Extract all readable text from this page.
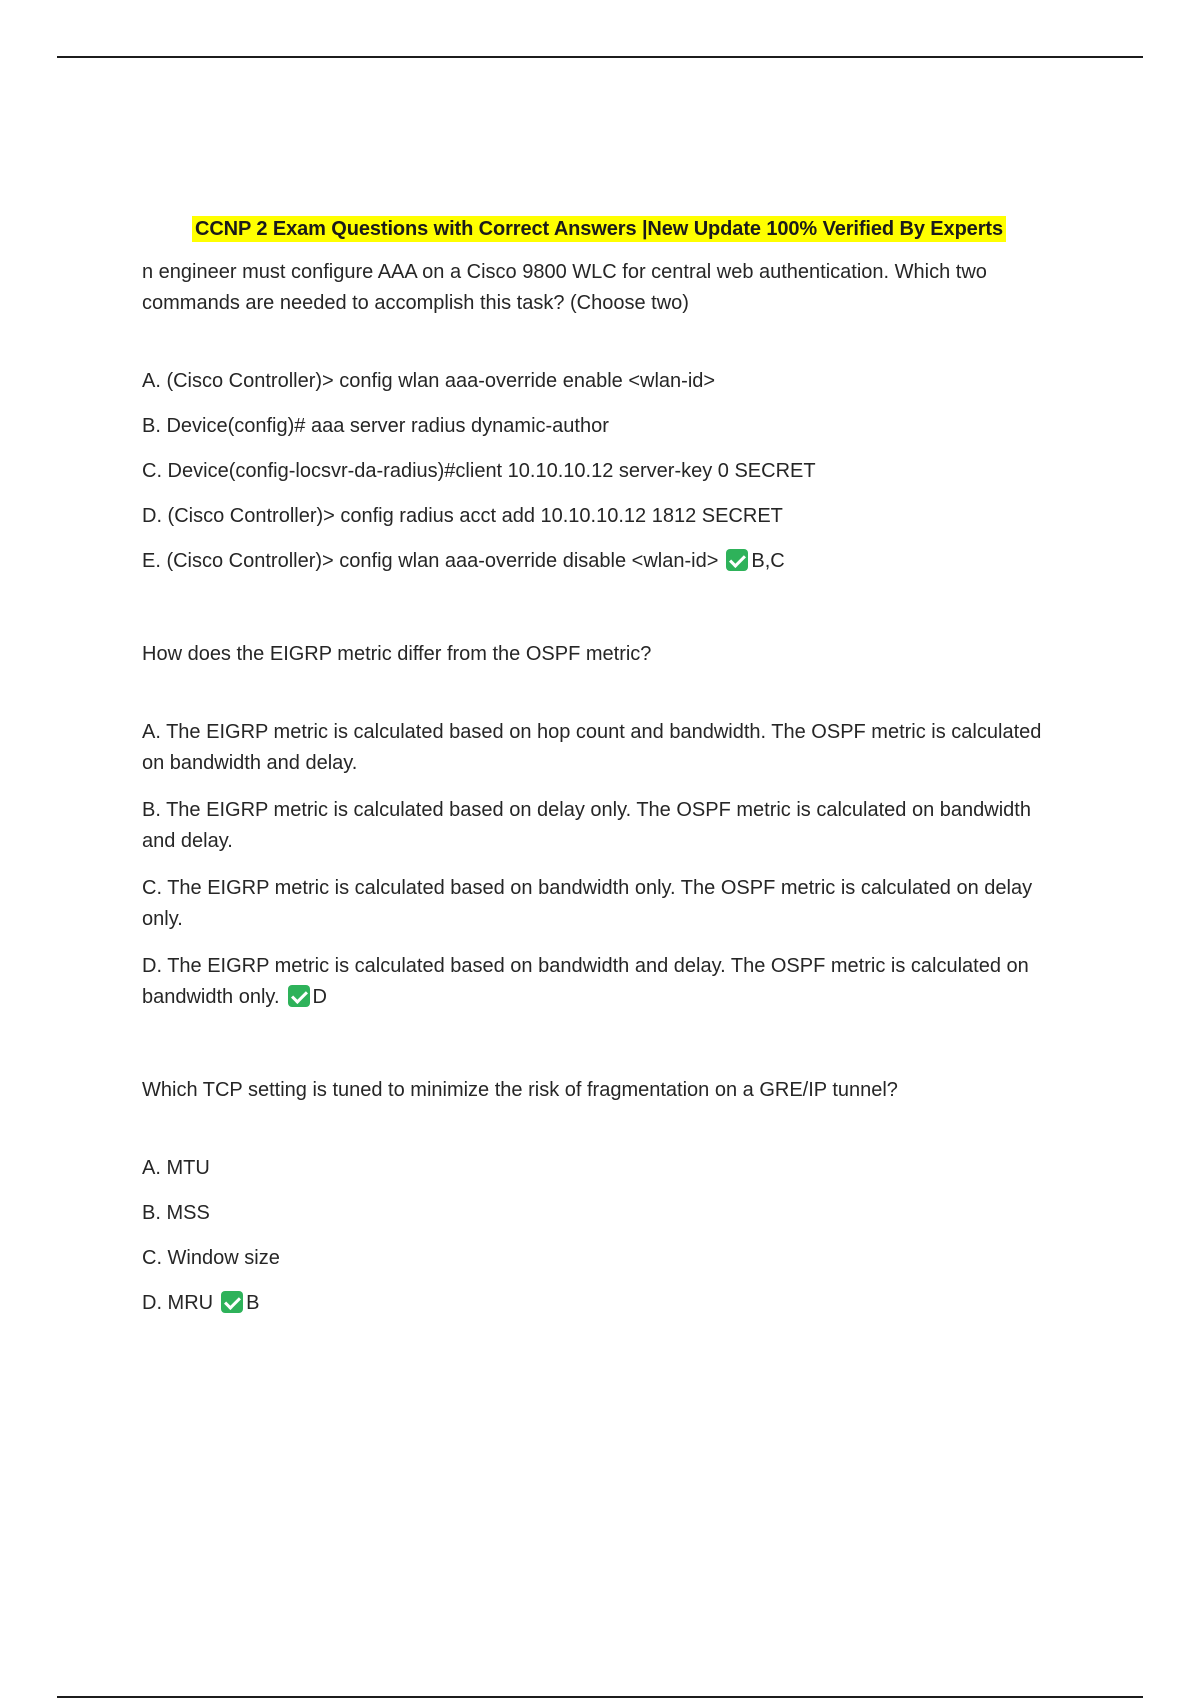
CCNP 2 Exam Questions with Correct Answers |New Update 100% Verified By Experts

n engineer must configure AAA on a Cisco 9800 WLC for central web authentication. Which two commands are needed to accomplish this task? (Choose two)

A. (Cisco Controller)> config wlan aaa-override enable <wlan-id>

B. Device(config)# aaa server radius dynamic-author

C. Device(config-locsvr-da-radius)#client 10.10.10.12 server-key 0 SECRET

D. (Cisco Controller)> config radius acct add 10.10.10.12 1812 SECRET

E. (Cisco Controller)> config wlan aaa-override disable <wlan-id> B,C

How does the EIGRP metric differ from the OSPF metric?

A. The EIGRP metric is calculated based on hop count and bandwidth. The OSPF metric is calculated on bandwidth and delay.

B. The EIGRP metric is calculated based on delay only. The OSPF metric is calculated on bandwidth and delay.

C. The EIGRP metric is calculated based on bandwidth only. The OSPF metric is calculated on delay only.

D. The EIGRP metric is calculated based on bandwidth and delay. The OSPF metric is calculated on bandwidth only. D

Which TCP setting is tuned to minimize the risk of fragmentation on a GRE/IP tunnel?

A. MTU

B. MSS

C. Window size

D. MRU B
